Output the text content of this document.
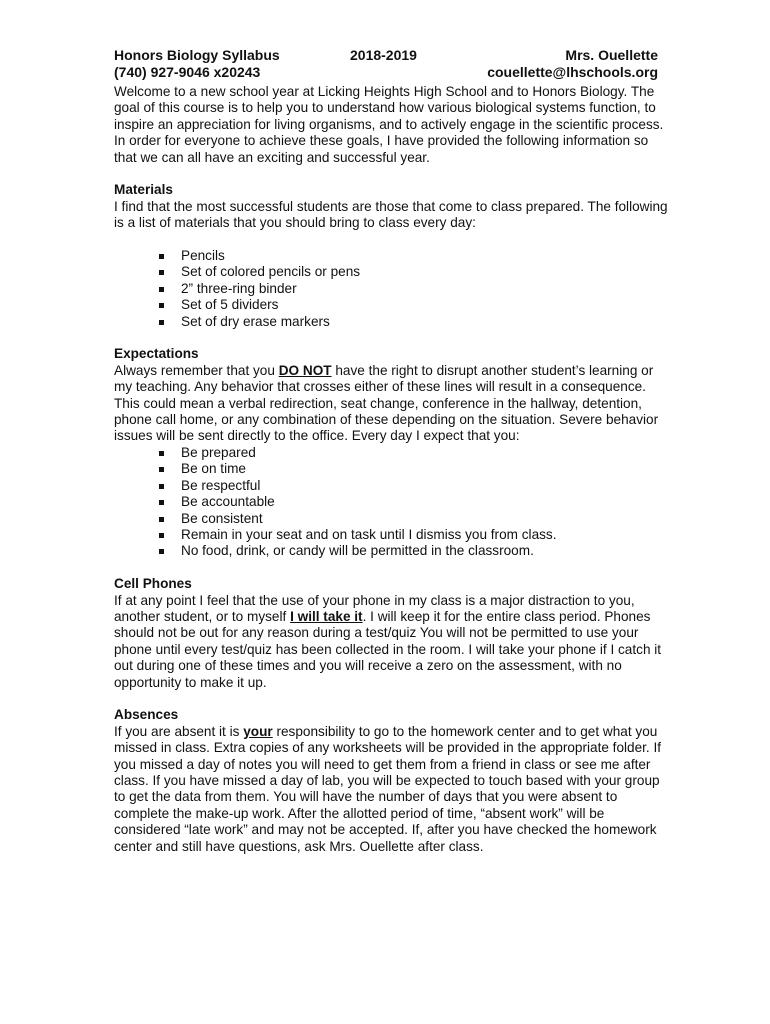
Honors Biology Syllabus	2018-2019	Mrs. Ouellette
(740) 927-9046 x20243	couellette@lhschools.org

Welcome to a new school year at Licking Heights High School and to Honors Biology. The goal of this course is to help you to understand how various biological systems function, to inspire an appreciation for living organisms, and to actively engage in the scientific process. In order for everyone to achieve these goals, I have provided the following information so that we can all have an exciting and successful year.

Materials

I find that the most successful students are those that come to class prepared. The following is a list of materials that you should bring to class every day:

Pencils
Set of colored pencils or pens
2” three-ring binder
Set of 5 dividers
Set of dry erase markers
Expectations

Always remember that you DO NOT have the right to disrupt another student’s learning or my teaching. Any behavior that crosses either of these lines will result in a consequence. This could mean a verbal redirection, seat change, conference in the hallway, detention, phone call home, or any combination of these depending on the situation. Severe behavior issues will be sent directly to the office. Every day I expect that you:

Be prepared
Be on time
Be respectful
Be accountable
Be consistent
Remain in your seat and on task until I dismiss you from class.
No food, drink, or candy will be permitted in the classroom.
Cell Phones

If at any point I feel that the use of your phone in my class is a major distraction to you, another student, or to myself I will take it. I will keep it for the entire class period. Phones should not be out for any reason during a test/quiz You will not be permitted to use your phone until every test/quiz has been collected in the room. I will take your phone if I catch it out during one of these times and you will receive a zero on the assessment, with no opportunity to make it up.

Absences

If you are absent it is your responsibility to go to the homework center and to get what you missed in class. Extra copies of any worksheets will be provided in the appropriate folder. If you missed a day of notes you will need to get them from a friend in class or see me after class. If you have missed a day of lab, you will be expected to touch based with your group to get the data from them. You will have the number of days that you were absent to complete the make-up work. After the allotted period of time, “absent work” will be considered “late work” and may not be accepted. If, after you have checked the homework center and still have questions, ask Mrs. Ouellette after class.
